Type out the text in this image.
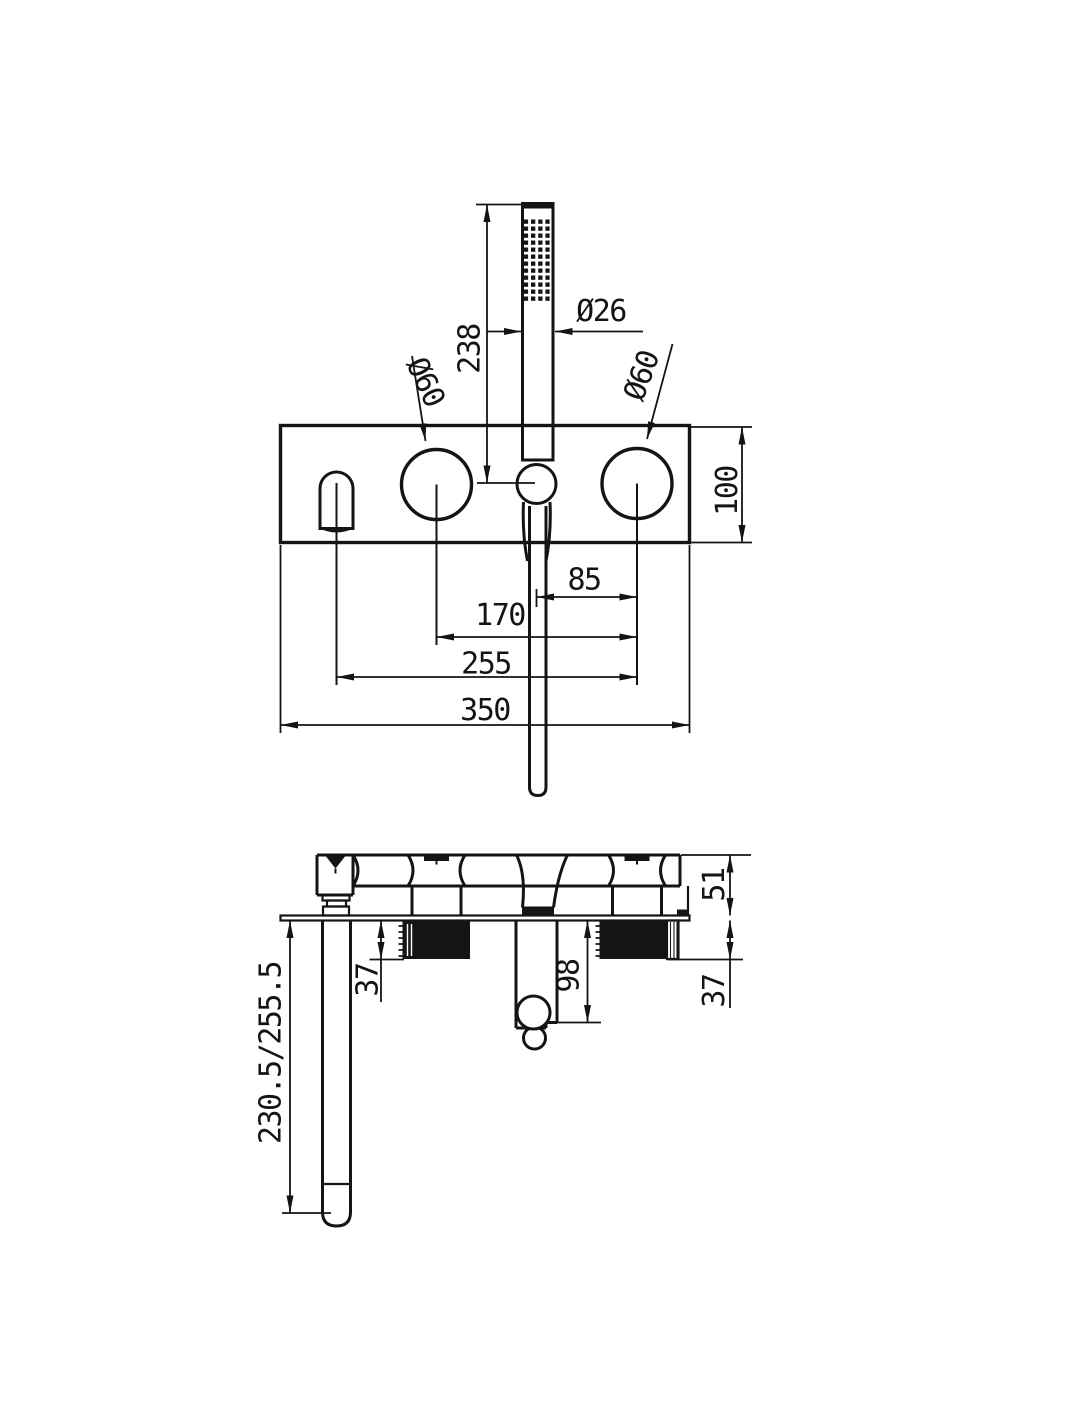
238
Ø26
Ø60	Ø60
100
85
170
255
350
230.5/255.5 37	98
51
37
